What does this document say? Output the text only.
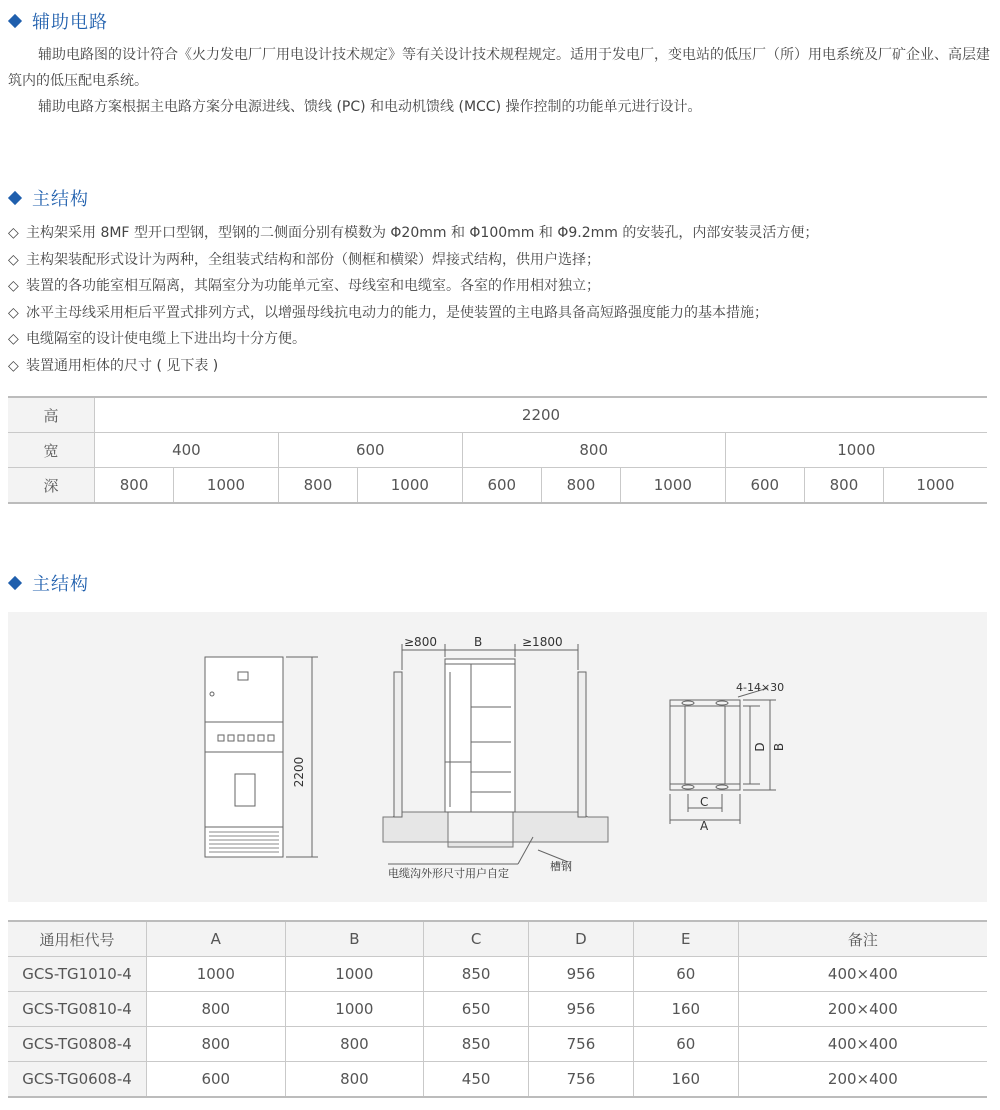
辅助电路

辅助电路图的设计符合《火力发电厂厂用电设计技术规定》等有关设计技术规程规定。适用于发电厂，变电站的低压厂（所）用电系统及厂矿企业、高层建筑内的低压配电系统。

辅助电路方案根据主电路方案分电源进线、馈线 (PC) 和电动机馈线 (MCC) 操作控制的功能单元进行设计。

主结构
◇ 主构架采用 8MF 型开口型钢，型钢的二侧面分别有模数为 Φ20mm 和 Φ100mm 和 Φ9.2mm 的安装孔，内部安装灵活方便；
◇ 主构架装配形式设计为两种，全组装式结构和部份（侧框和横梁）焊接式结构，供用户选择；
◇ 装置的各功能室相互隔离，其隔室分为功能单元室、母线室和电缆室。各室的作用相对独立；
◇ 冰平主母线采用柜后平置式排列方式，以增强母线抗电动力的能力，是使装置的主电路具备高短路强度能力的基本措施；
◇ 电缆隔室的设计使电缆上下进出均十分方便。
◇ 装置通用柜体的尺寸 ( 见下表 )
高	2200									
宽	400		600		800			1000		
深	800	1000	800	1000	600	800	1000	600	800	1000
主结构
2200
≥800	B	≥1800
电缆沟外形尺寸用户自定
槽钢
4-14×30
C
A
D B
通用柜代号	A	B	C	D	E	备注
GCS-TG1010-4	1000	1000	850	956	60	400×400
GCS-TG0810-4	800	1000	650	956	160	200×400
GCS-TG0808-4	800	800	850	756	60	400×400
GCS-TG0608-4	600	800	450	756	160	200×400
